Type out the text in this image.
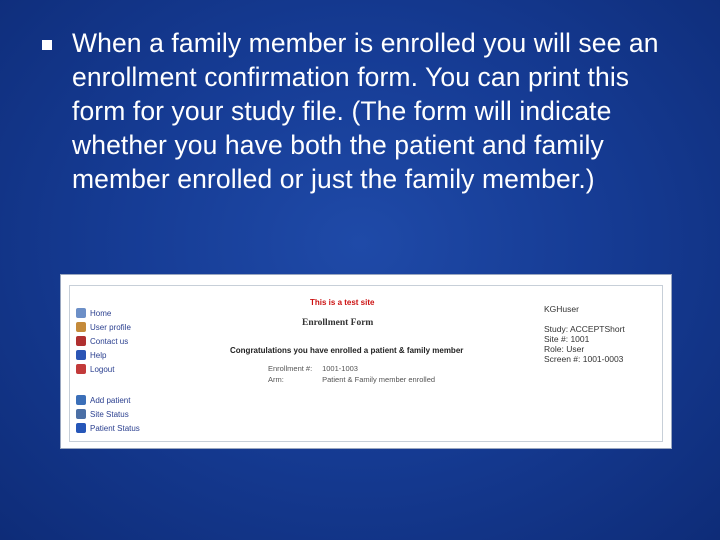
When a family member is enrolled you will see an enrollment confirmation form. You can print this form for your study file. (The form will indicate whether you have both the patient and family member enrolled or just the family member.)
Home
User profile
Contact us
Help
Logout
Add patient
Site Status
Patient Status
This is a test site
Enrollment Form
Congratulations you have enrolled a patient & family member
Enrollment #: 1001-1003
Arm:	Patient & Family member enrolled
KGHuser
Study: ACCEPTShort
Site #: 1001
Role: User
Screen #: 1001-0003
